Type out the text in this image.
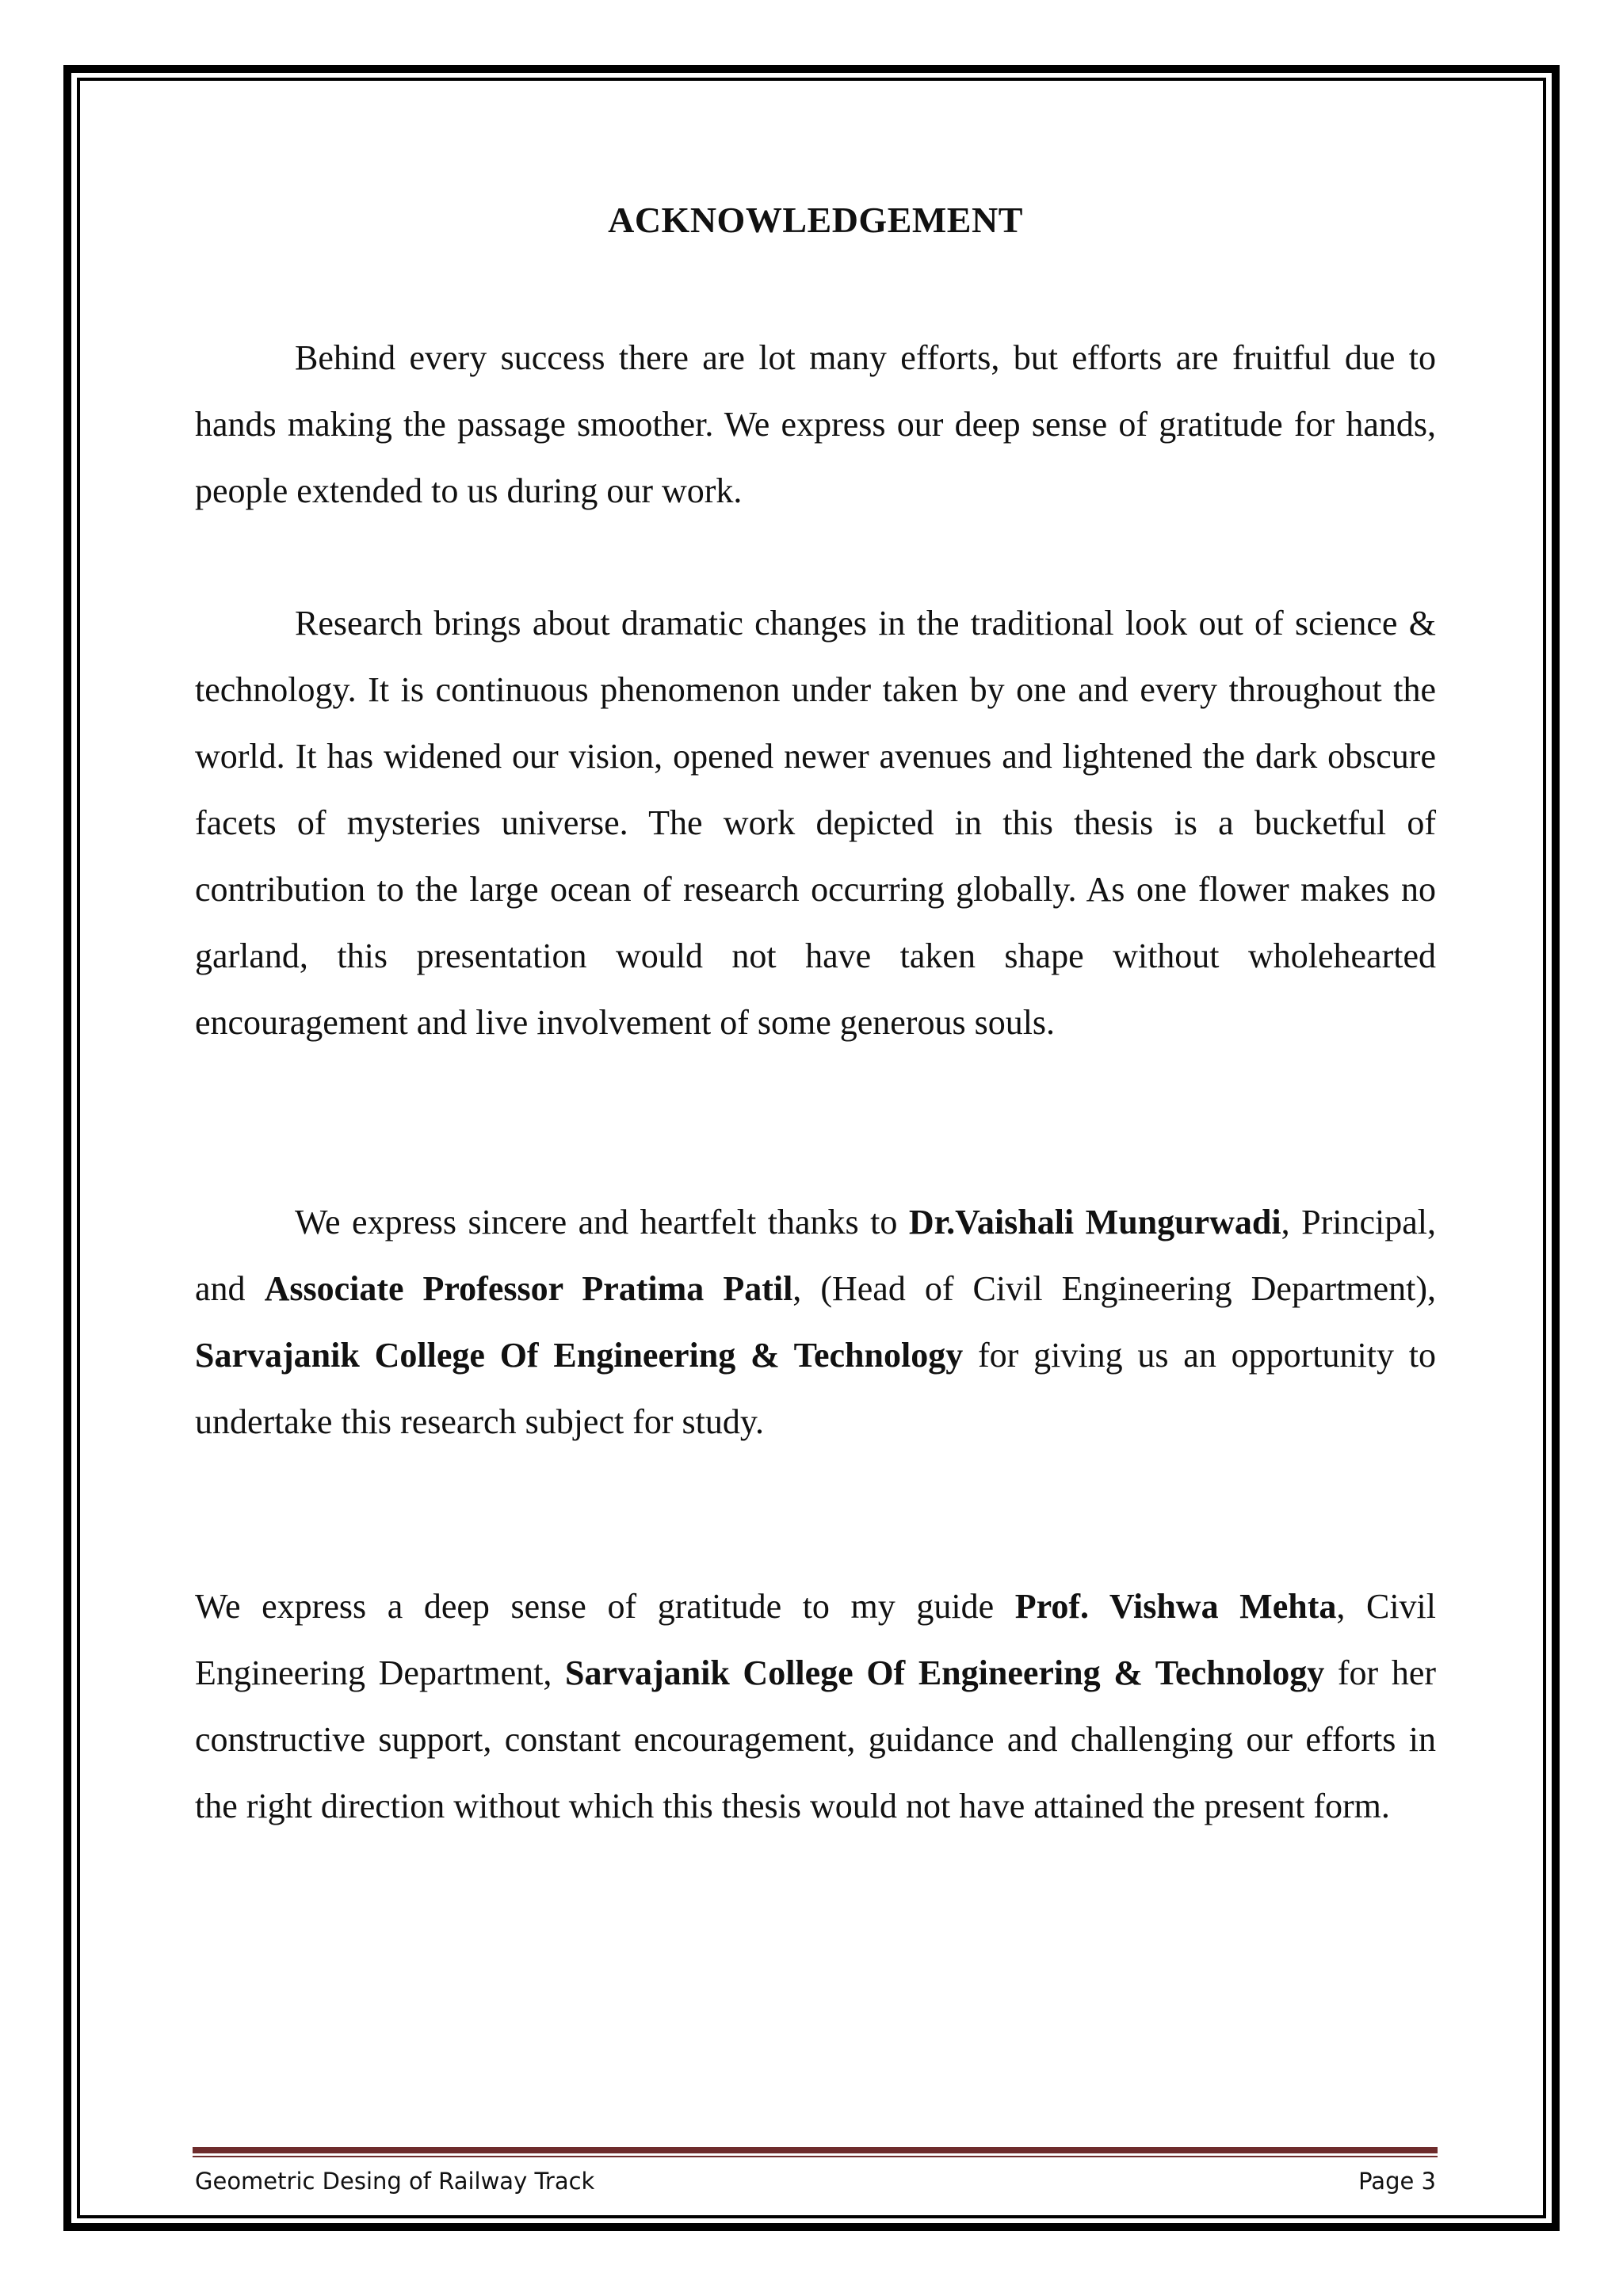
ACKNOWLEDGEMENT

Behind every success there are lot many efforts, but efforts are fruitful due to hands making the passage smoother. We express our deep sense of gratitude for hands, people extended to us during our work.

Research brings about dramatic changes in the traditional look out of science & technology. It is continuous phenomenon under taken by one and every throughout the world. It has widened our vision, opened newer avenues and lightened the dark obscure facets of mysteries universe. The work depicted in this thesis is a bucketful of contribution to the large ocean of research occurring globally. As one flower makes no garland, this presentation would not have taken shape without wholehearted encouragement and live involvement of some generous souls.

We express sincere and heartfelt thanks to Dr.Vaishali Mungurwadi, Principal, and Associate Professor Pratima Patil, (Head of Civil Engineering Department), Sarvajanik College Of Engineering & Technology for giving us an opportunity to undertake this research subject for study.

We express a deep sense of gratitude to my guide Prof. Vishwa Mehta, Civil Engineering Department, Sarvajanik College Of Engineering & Technology for her constructive support, constant encouragement, guidance and challenging our efforts in the right direction without which this thesis would not have attained the present form.

Geometric Desing of Railway Track	Page 3
